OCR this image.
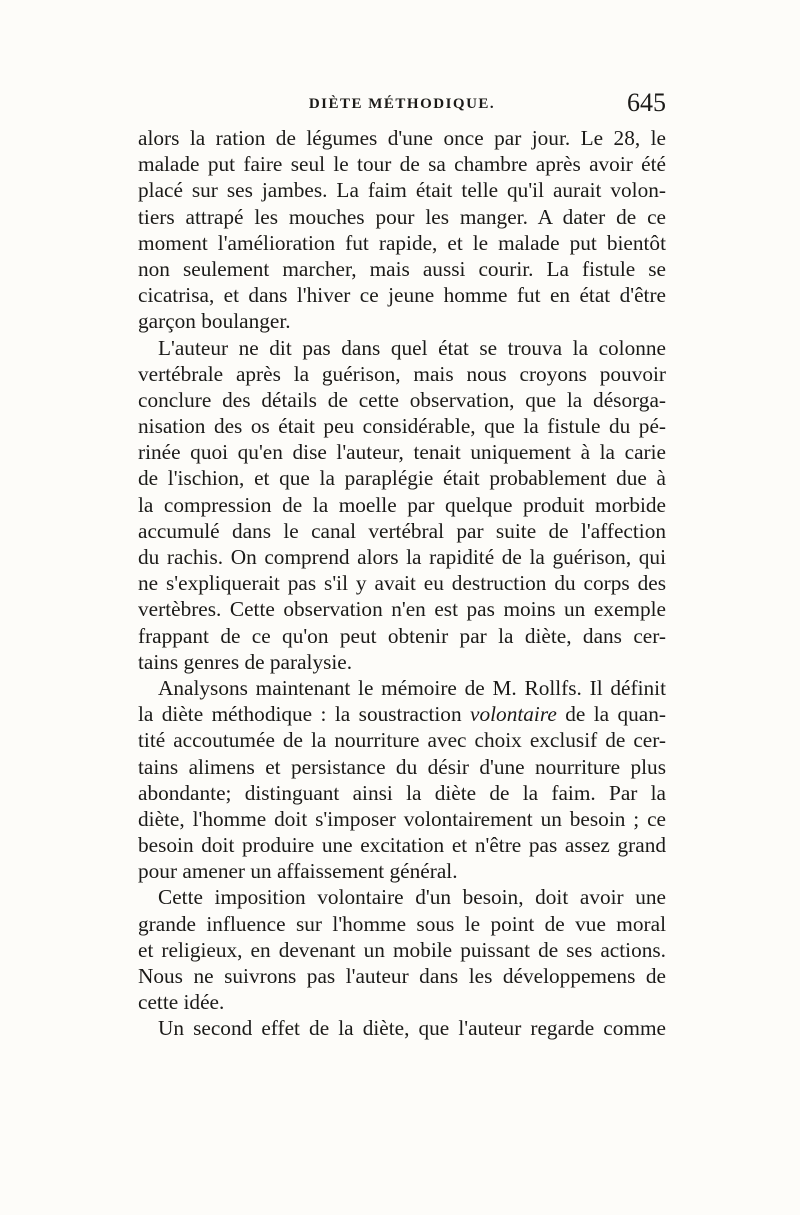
DIÈTE MÉTHODIQUE.	645
alors la ration de légumes d'une once par jour. Le 28, le
malade put faire seul le tour de sa chambre après avoir été
placé sur ses jambes. La faim était telle qu'il aurait volon-
tiers attrapé les mouches pour les manger. A dater de ce
moment l'amélioration fut rapide, et le malade put bientôt
non seulement marcher, mais aussi courir. La fistule se
cicatrisa, et dans l'hiver ce jeune homme fut en état d'être
garçon boulanger.
L'auteur ne dit pas dans quel état se trouva la colonne
vertébrale après la guérison, mais nous croyons pouvoir
conclure des détails de cette observation, que la désorga-
nisation des os était peu considérable, que la fistule du pé-
rinée quoi qu'en dise l'auteur, tenait uniquement à la carie
de l'ischion, et que la paraplégie était probablement due à
la compression de la moelle par quelque produit morbide
accumulé dans le canal vertébral par suite de l'affection
du rachis. On comprend alors la rapidité de la guérison, qui
ne s'expliquerait pas s'il y avait eu destruction du corps des
vertèbres. Cette observation n'en est pas moins un exemple
frappant de ce qu'on peut obtenir par la diète, dans cer-
tains genres de paralysie.
Analysons maintenant le mémoire de M. Rollfs. Il définit
la diète méthodique : la soustraction volontaire de la quan-
tité accoutumée de la nourriture avec choix exclusif de cer-
tains alimens et persistance du désir d'une nourriture plus
abondante; distinguant ainsi la diète de la faim. Par la
diète, l'homme doit s'imposer volontairement un besoin ; ce
besoin doit produire une excitation et n'être pas assez grand
pour amener un affaissement général.
Cette imposition volontaire d'un besoin, doit avoir une
grande influence sur l'homme sous le point de vue moral
et religieux, en devenant un mobile puissant de ses actions.
Nous ne suivrons pas l'auteur dans les développemens de
cette idée.
Un second effet de la diète, que l'auteur regarde comme
